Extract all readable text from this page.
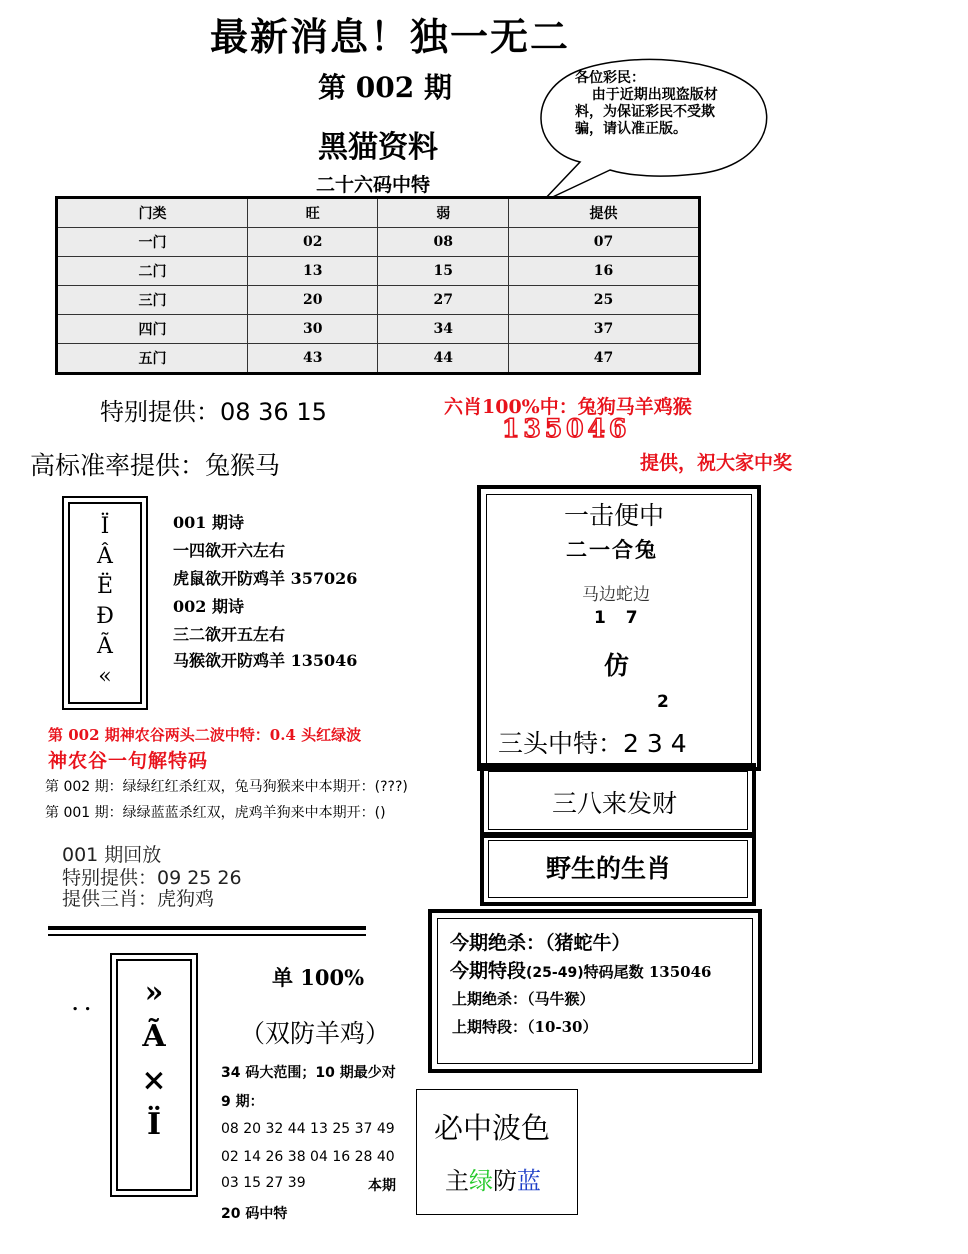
最新消息！独一无二
第 002 期
黑猫资料
二十六码中特
各位彩民：
由于近期出现盗版材料，为保证彩民不受欺骗，请认准正版。
门类	旺	弱	提供
一门	02	08	07
二门	13	15	16
三门	20	27	25
四门	30	34	37
五门	43	44	47
特别提供：08 36 15	六肖100%中：兔狗马羊鸡猴
135046
高标准率提供：兔猴马	提供，祝大家中奖
Ï
Â
Ë
Ð
Ã
«
001 期诗
一四欲开六左右
虎鼠欲开防鸡羊 357026
002 期诗
三二欲开五左右
马猴欲开防鸡羊 135046
一击便中
二一合兔
马边蛇边
1 7
仿
2
三头中特：2 3 4
三八来发财
野生的生肖
第 002 期神农谷两头二波中特：0.4 头红绿波
神农谷一句解特码
第 002 期：绿绿红红杀红双，兔马狗猴来中本期开：(???)
第 001 期：绿绿蓝蓝杀红双，虎鸡羊狗来中本期开：()
001 期回放
特别提供：09 25 26
提供三肖：虎狗鸡
. .	»
Ã
×
Ï
单 100%
（双防羊鸡）
34 码大范围；10 期最少对
9 期：
08 20 32 44 13 25 37 49
02 14 26 38 04 16 28 40
03 15 27 39	本期
20 码中特
今期绝杀：（猪蛇牛）
今期特段(25-49)特码尾数 135046
上期绝杀：（马牛猴）
上期特段：（10-30）
必中波色
主绿防蓝
